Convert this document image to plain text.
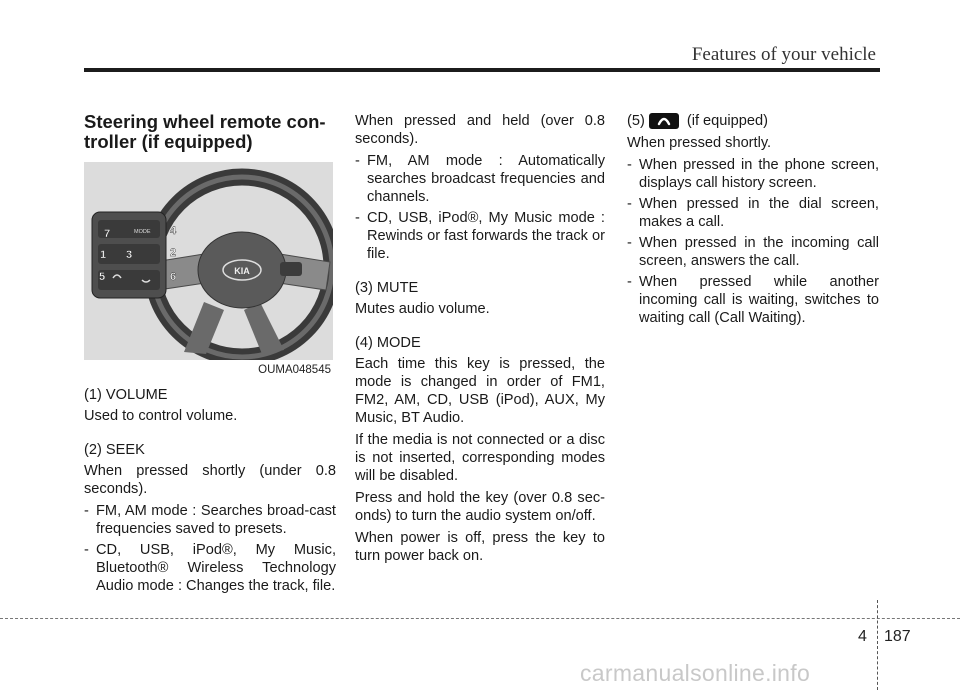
Features of your vehicle
Steering wheel remote con-
troller (if equipped)
KIA
MODE
7	4
1 3	2
5	6
OUMA048545

(1) VOLUME

Used to control volume.

(2) SEEK

When pressed shortly (under 0.8 seconds).

- FM, AM mode : Searches broad-cast frequencies saved to presets.
- CD, USB, iPod®, My Music, Bluetooth® Wireless Technology Audio mode : Changes the track, file.

When pressed and held (over 0.8 seconds).

- FM, AM mode : Automatically searches broadcast frequencies and channels.
- CD, USB, iPod®, My Music mode : Rewinds or fast forwards the track or file.

(3) MUTE

Mutes audio volume.

(4) MODE

Each time this key is pressed, the mode is changed in order of FM1, FM2, AM, CD, USB (iPod), AUX, My Music, BT Audio.

If the media is not connected or a disc is not inserted, corresponding modes will be disabled.

Press and hold the key (over 0.8 sec-onds) to turn the audio system on/off.

When power is off, press the key to turn power back on.

(5)	(if equipped)

When pressed shortly.

- When pressed in the phone screen, displays call history screen.
- When pressed in the dial screen, makes a call.
- When pressed in the incoming call screen, answers the call.
- When pressed while another incoming call is waiting, switches to waiting call (Call Waiting).
4 187
carmanualsonline.info
